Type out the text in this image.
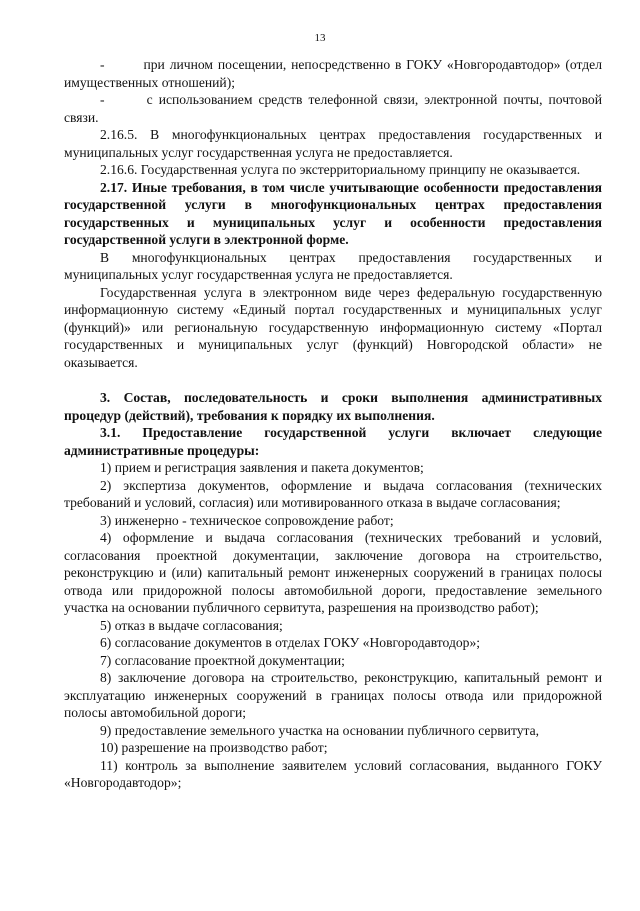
13

-        при личном посещении, непосредственно в ГОКУ «Новгородавтодор» (отдел имущественных отношений);

-       с использованием средств телефонной связи, электронной почты, почтовой связи.

2.16.5. В многофункциональных центрах предоставления государственных и муниципальных услуг государственная услуга не предоставляется.

2.16.6. Государственная услуга по экстерриториальному принципу не оказывается.

2.17. Иные требования, в том числе учитывающие особенности предоставления государственной услуги в многофункциональных центрах предоставления государственных и муниципальных услуг и особенности предоставления государственной услуги в электронной форме.

В многофункциональных центрах предоставления государственных и муниципальных услуг государственная услуга не предоставляется.

Государственная услуга в электронном виде через федеральную государственную информационную систему «Единый портал государственных и муниципальных услуг (функций)» или региональную государственную информационную систему «Портал государственных и муниципальных услуг (функций) Новгородской области» не оказывается.

3. Состав, последовательность и сроки выполнения административных процедур (действий), требования к порядку их выполнения.

3.1. Предоставление государственной услуги включает следующие административные процедуры:

1) прием и регистрация заявления и пакета документов;

2) экспертиза документов, оформление и выдача согласования (технических требований и условий, согласия) или мотивированного отказа в выдаче согласования;

3) инженерно - техническое сопровождение работ;

4) оформление и выдача согласования (технических требований и условий, согласования проектной документации, заключение договора на строительство, реконструкцию и (или) капитальный ремонт инженерных сооружений в границах полосы отвода или придорожной полосы автомобильной дороги, предоставление земельного участка на основании публичного сервитута, разрешения на производство работ);

5) отказ в выдаче согласования;

6) согласование документов в отделах ГОКУ «Новгородавтодор»;

7) согласование проектной документации;

8) заключение договора на строительство, реконструкцию, капитальный ремонт и эксплуатацию инженерных сооружений в границах полосы отвода или придорожной полосы автомобильной дороги;

9) предоставление земельного участка на основании публичного сервитута,

10) разрешение на производство работ;

11) контроль за выполнение заявителем условий согласования, выданного ГОКУ «Новгородавтодор»;
